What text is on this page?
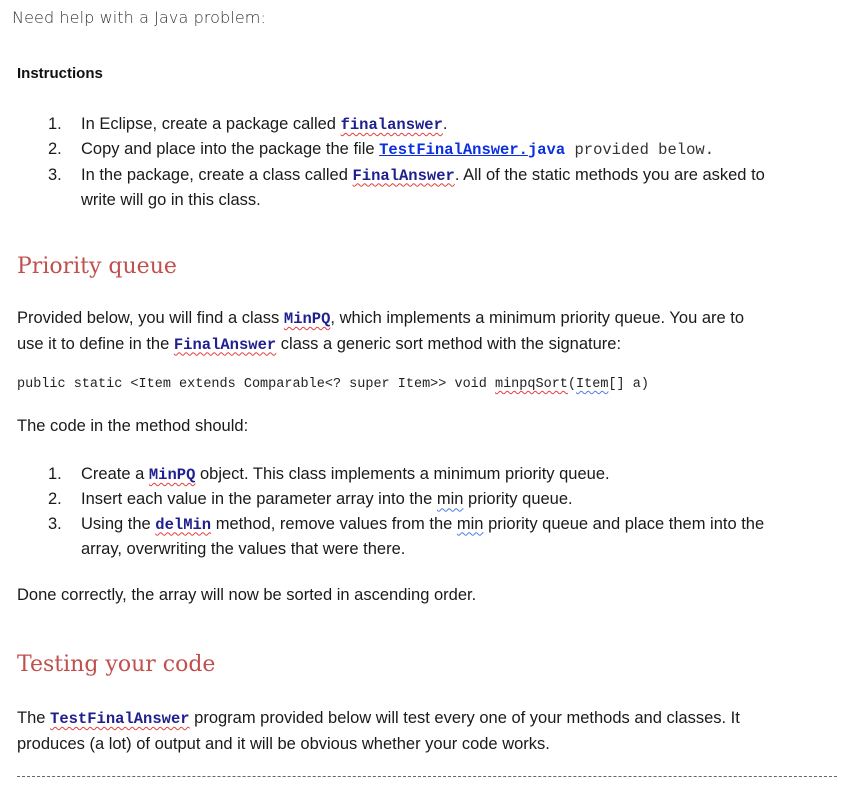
Need help with a Java problem:
Instructions
1. In Eclipse, create a package called finalanswer.
2. Copy and place into the package the file TestFinalAnswer.java provided below.
3. In the package, create a class called FinalAnswer. All of the static methods you are asked to
write will go in this class.
Priority queue
Provided below, you will find a class MinPQ, which implements a minimum priority queue. You are to
use it to define in the FinalAnswer class a generic sort method with the signature:
public static <Item extends Comparable<? super Item>> void minpqSort(Item[] a)
The code in the method should:
1. Create a MinPQ object. This class implements a minimum priority queue.
2. Insert each value in the parameter array into the min priority queue.
3. Using the delMin method, remove values from the min priority queue and place them into the
array, overwriting the values that were there.
Done correctly, the array will now be sorted in ascending order.
Testing your code
The TestFinalAnswer program provided below will test every one of your methods and classes. It
produces (a lot) of output and it will be obvious whether your code works.
